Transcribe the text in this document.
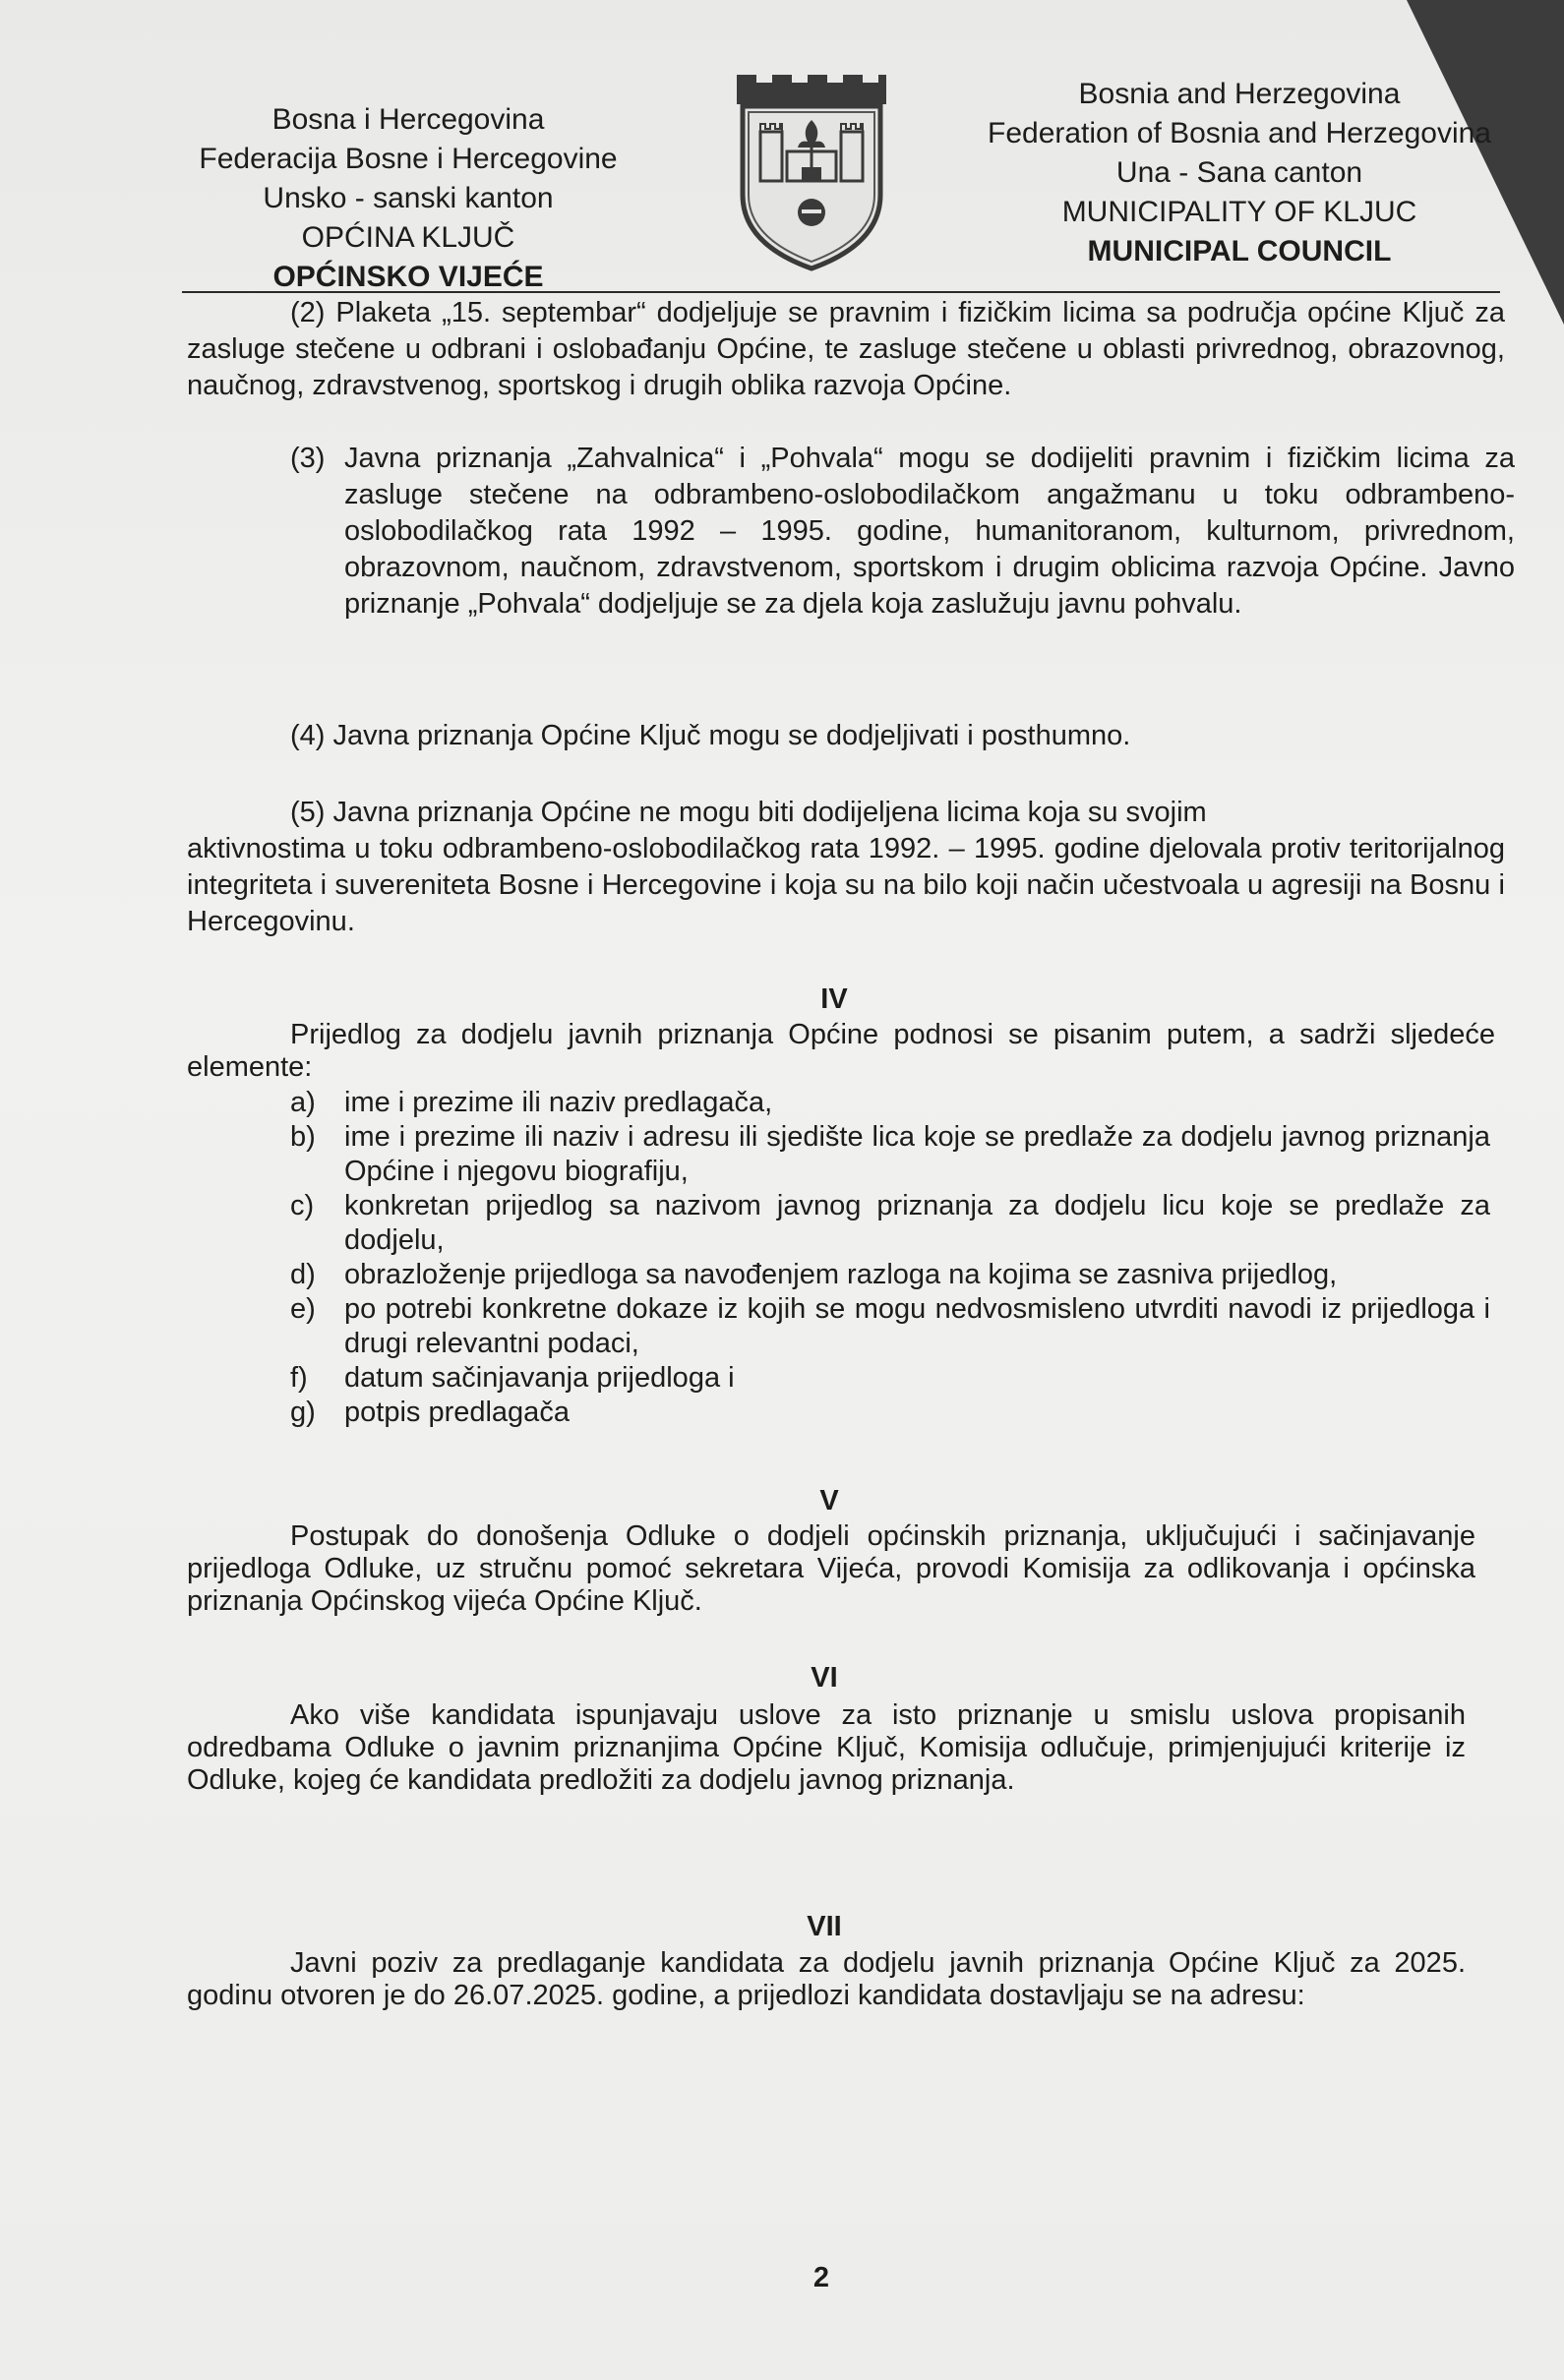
Bosna i Hercegovina
Federacija Bosne i Hercegovine
Unsko - sanski kanton
OPĆINA KLJUČ
OPĆINSKO VIJEĆE
Bosnia and Herzegovina
Federation of Bosnia and Herzegovina
Una - Sana canton
MUNICIPALITY OF KLJUC
MUNICIPAL COUNCIL
(2) Plaketa „15. septembar“ dodjeljuje se pravnim i fizičkim licima sa područja općine Ključ za zasluge stečene u odbrani i oslobađanju Općine, te zasluge stečene u oblasti privrednog, obrazovnog, naučnog, zdravstvenog, sportskog i drugih oblika razvoja Općine.
(3) Javna priznanja „Zahvalnica“ i „Pohvala“ mogu se dodijeliti pravnim i fizičkim licima za zasluge stečene na odbrambeno-oslobodilačkom angažmanu u toku odbrambeno-oslobodilačkog rata 1992 – 1995. godine, humanitoranom, kulturnom, privrednom, obrazovnom, naučnom, zdravstvenom, sportskom i drugim oblicima razvoja Općine. Javno priznanje „Pohvala“ dodjeljuje se za djela koja zaslužuju javnu pohvalu.
(4) Javna priznanja Općine Ključ mogu se dodjeljivati i posthumno.
(5) Javna priznanja Općine ne mogu biti dodijeljena licima koja su svojim
aktivnostima u toku odbrambeno-oslobodilačkog rata 1992. – 1995. godine djelovala protiv teritorijalnog integriteta i suvereniteta Bosne i Hercegovine i koja su na bilo koji način učestvoala u agresiji na Bosnu i Hercegovinu.
IV
Prijedlog za dodjelu javnih priznanja Općine podnosi se pisanim putem, a sadrži sljedeće elemente:
a)	ime i prezime ili naziv predlagača,
b)	ime i prezime ili naziv i adresu ili sjedište lica koje se predlaže za dodjelu javnog priznanja Općine i njegovu biografiju,
c)	konkretan prijedlog sa nazivom javnog priznanja za dodjelu licu koje se predlaže za dodjelu,
d)	obrazloženje prijedloga sa navođenjem razloga na kojima se zasniva prijedlog,
e)	po potrebi konkretne dokaze iz kojih se mogu nedvosmisleno utvrditi navodi iz prijedloga i drugi relevantni podaci,
f)	datum sačinjavanja prijedloga i
g)	potpis predlagača
V
Postupak do donošenja Odluke o dodjeli općinskih priznanja, uključujući i sačinjavanje prijedloga Odluke, uz stručnu pomoć sekretara Vijeća, provodi Komisija za odlikovanja i općinska priznanja Općinskog vijeća Općine Ključ.
VI
Ako više kandidata ispunjavaju uslove za isto priznanje u smislu uslova propisanih odredbama Odluke o javnim priznanjima Općine Ključ, Komisija odlučuje, primjenjujući kriterije iz Odluke, kojeg će kandidata predložiti za dodjelu javnog priznanja.
VII
Javni poziv za predlaganje kandidata za dodjelu javnih priznanja Općine Ključ za 2025. godinu otvoren je do 26.07.2025. godine, a prijedlozi kandidata dostavljaju se na adresu:
2
